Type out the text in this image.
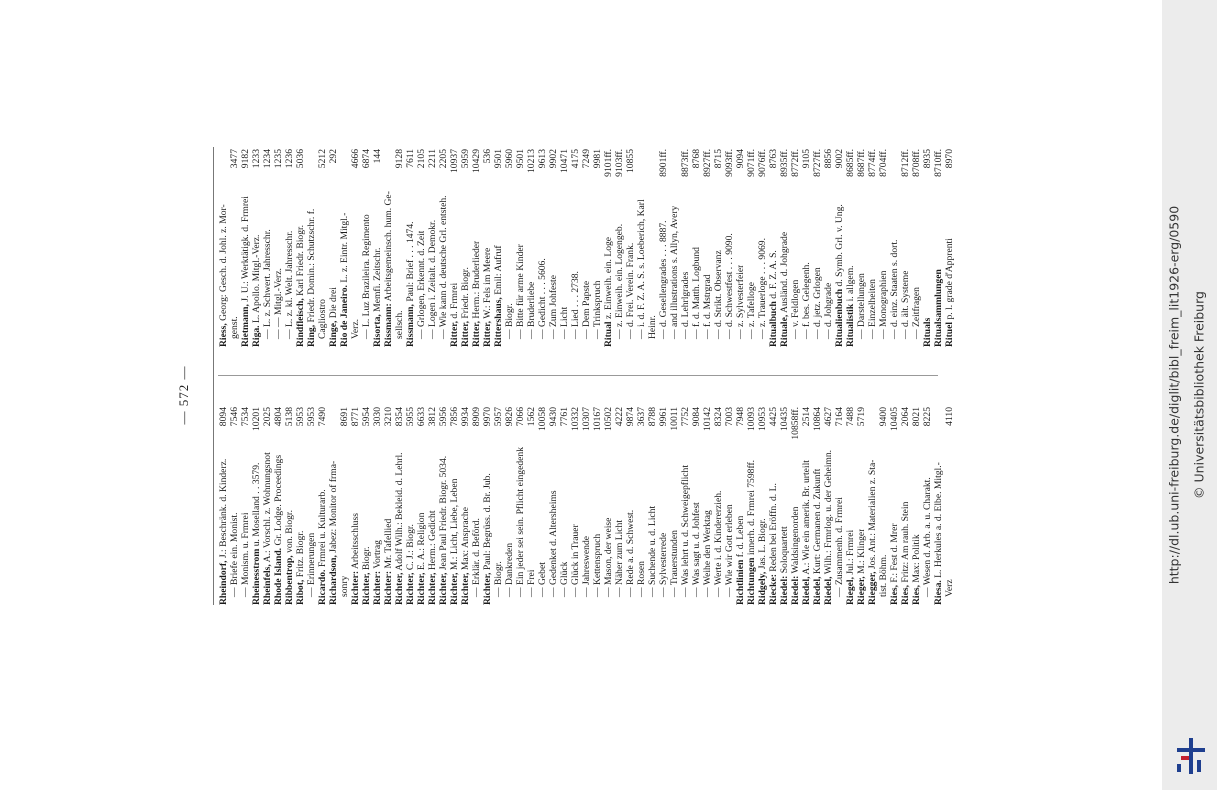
— 572 —
Rheindorf, J.: Beschränk. d. Kinderz.
8094
— Briefe ein. Monist.
7546
— Monism. u. Frmrei
7534
Rheinesstrom u. Moselland . . 3579.
10201
Rheinfels, A.: Vorschl. z. Wohnungsnot
2025
Rhode Island. Gr. Lodge. Proceedings
4804
Ribbentrop, von. Biogr.
5138
Ribot, Fritz. Biogr.
5953
— Erinnerungen
5953
Ricardo. Frmrei u. Kulturarb.
7490
Richardson, Jabez: Monitor of frma-
sonry
8691
Richter: Arbeitsschluss
8771
Richter, Biogr.
5954
Richter: Vortrag
3030
Richter: Mr. Tafellied
3210
Richter, Adolf Wilh.: Bekleid. d. Lehrl.
8354
Richter, C. J.: Biogr.
5955
Richter, E. A.: Religion
6633
Richter, Herm.: Gedicht
3812
Richter, Jean Paul Friedr. Biogr. 5034.
5956
Richter, M.: Licht, Liebe, Leben
7856
Richter, Max: Ansprache
9934
— Erklär. d. Beförd.
8909
Richter, Paul: Begrüss. d. Br. Jub.
9970
— Biogr.
5957
— Dankreden
9826
— Ein jeder sei sein. Pflicht eingedenk
7066
— Frei
1562
— Gebet
10058
— Gedenket d. Altersheims
9430
— Glück
7761
— Glück in Trauer
10332
— Jahreswende
10307
— Kettenspruch
10167
— Mason, der weise
10502
— Näher zum Licht
4222
— Rede a. d. Schwest.
9874
— Rosen
3637
— Suchende u. d. Licht
8788
— Sylvesterrede
9961
— Trauerstunden
10011
— Was lehrt u. d. Schweigepflicht
7752
— Was sagt u. d. Johfest
9084
— Weihe den Werktag
10142
— Werte i. d. Kindererzieh.
8324
— Wie wir Gott erleben
7003
Richtlinien f. d. Leben
7948
Richtungen innerh. d. Frmrei 7598ff.
10093
Ridgely, Jas. L. Biogr.
10953
Riecke: Reden bei Eröffn. d. L.
4425
Riedel: Soloquartett
10435
Riedel: Waldsingenorden
10858ff.
Riedel, A.: Wie ein amerik. Br. urteilt
2514
Riedel, Kurt: Germanen d. Zukunft
10864
Riedel, Wilh.: Frmrlog. u. der Geheimn.
4627
— Zusammenh. d. Frmrei
7164
Riegel, Jul.: Frmrei
7488
Rieger, M.: Klinger
5719
Riegger, Jos. Ant.: Materialien z. Sta-
tist. Böhm.
9400
Ries, F.: Fest d. Mrer
10405
Ries, Fritz: Am rauh. Stein
2064
Ries, Max: Politik
8021
— Wesen d. Arb. a. u. Charakt.
8225
Riesa. L. Herkules a. d. Elbe. Mitgl.-
Verz
4110
Riess, Georg: Gesch. d. Johl. z. Mor-
genst.
3477
Rietmann, J. U.: Werktätigk. d. Frmrei
9182
Riga. L. Apollo. Mitgl.-Verz.
1233
— L. z. Schwert. Jahresschr.
1234
— — Mitgl.-Verz.
1235
— L. z. kl. Welt. Jahresschr.
1236
Rindfleisch, Karl Friedr. Biogr.
5036
Ring, Friedr. Domin.: Schutzschr. f. Cagliostro
5212
Ringe, Die drei
292
Rio de Janeiro. L. z. Eintr. Mitgl.-
Verz.
4666
— L. Luz Brazileira. Regimento
6874
Risorta, Memfi. Zeitschr.
144
Rissmann: Arbeitsgemeinsch. hum. Ge-
sellsch.
9128
Rissmann, Paul: Brief . . . 1474.
7611
— Grlogen, Erkennt. d. Zeit
2105
— Logen i. Zeitalt. d. Demokr.
2211
— Wie kann d. deutsche Grl. entsteh.
2205
Ritter, d. Frmrei
10937
Ritter, Friedr. Biogr.
5959
Ritter, Herm.: Bruderlieder
10429
Ritter, W.: Fels im Meere
536
Rittershaus, Emil: Aufruf
9501
— Biogr.
5960
— Bitte für arme Kinder
9501
— Bruderliebe
10213
— Gedicht . . . 5606.
9613
— Zum Johfeste
9902
— Licht
10471
— Lied . . . 2738.
4175
— Dem Papste
7249
— Trinkspruch
9981
Ritual z. Einweih. ein. Loge
9101ff.
— z. Einweih. ein. Logengeb.
9103ff.
— d. Frei. Verein. Frank.
10855
— i. d. F. Z. A. S. s. Loeberich, Karl Heinr. — d. Gesellengrades . . . 8887.
8901ff.
— and illustrations s. Allyn, Avery — d. Lehrlgrades
8873ff.
— f. d. Matth. Logbund
8768
— f. d. Mstrgrad
8927ff.
— d. Strikt. Observanz
8715
— d. Schwestfest . . . 9090.
9093ff.
— z. Sylvesterfeier
9094
— z. Tafelloge
9071ff.
— z. Trauerloge . . . 9069.
9076ff.
Ritualbuch d. F. Z. A. S.
8763
Rituale, Ausländ. d. Johgrade
8935ff.
— v. Feldlogen
8772ff.
— f. bes. Gelegenh.
9105
— d. jetz. Grlogen
8727ff.
— d. Johgrade
8856
Ritualienbuch d. Symb. Grl. v. Ung.
9002
Ritualistik i. allgem.
8685ff.
— Darstellungen
8687ff.
— Einzelheiten
8774ff.
— Monographien
8704ff.
— d. einz. Staaten s. dort. — d. ält. Systeme
8712ff.
— Zeitfragen
8708ff.
Rituals
8935
Ritualsammlungen
8710ff.
Rituel p. l. grade d'Apprenti
8970
http://dl.ub.uni-freiburg.de/diglit/bibl_freim_lit1926-erg/0590 © Universitätsbibliothek Freiburg
